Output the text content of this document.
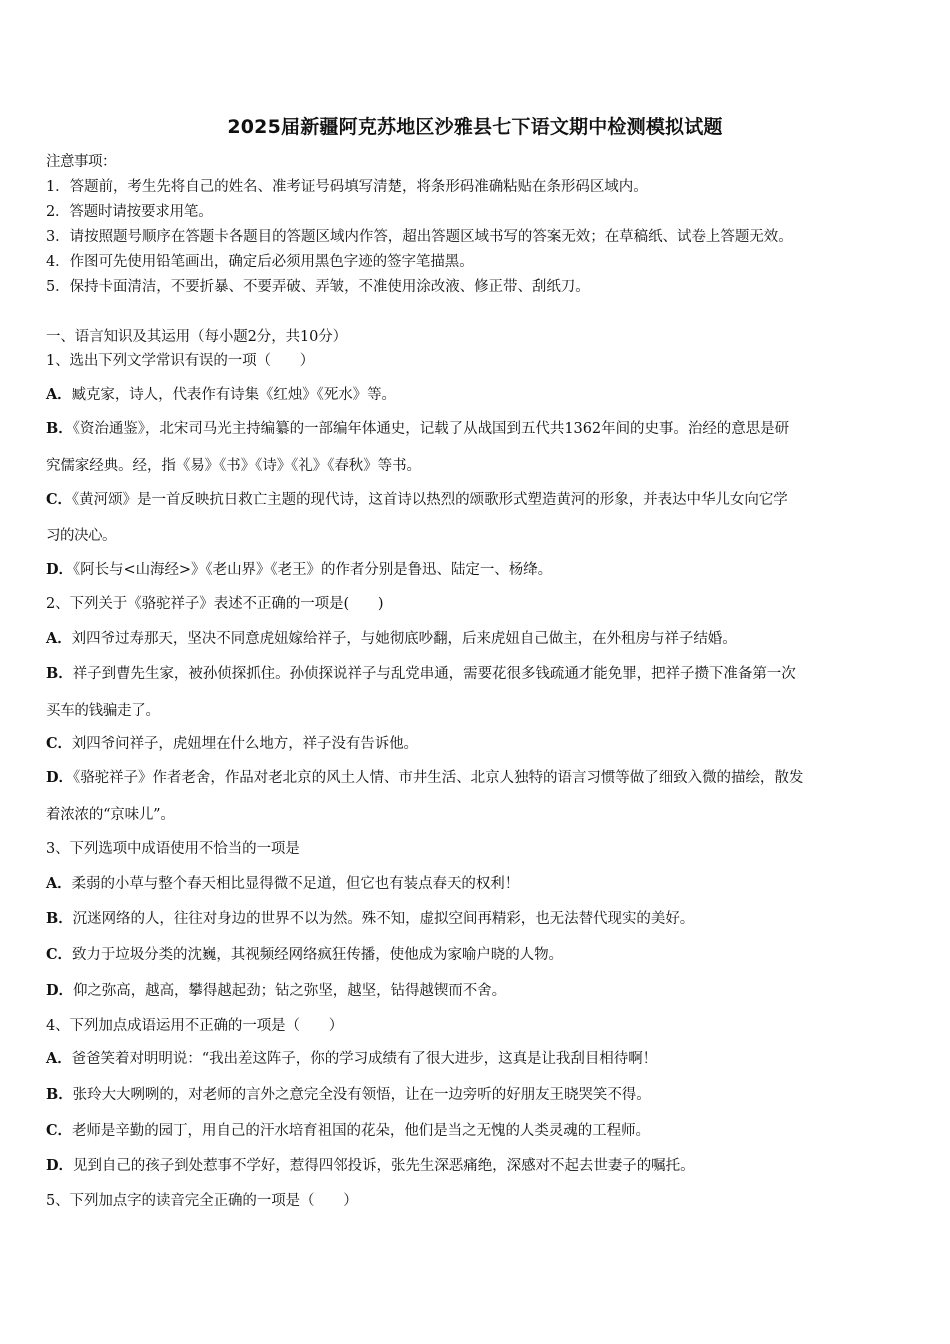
2025届新疆阿克苏地区沙雅县七下语文期中检测模拟试题
注意事项：
1．答题前，考生先将自己的姓名、准考证号码填写清楚，将条形码准确粘贴在条形码区域内。
2．答题时请按要求用笔。
3．请按照题号顺序在答题卡各题目的答题区域内作答，超出答题区域书写的答案无效；在草稿纸、试卷上答题无效。
4．作图可先使用铅笔画出，确定后必须用黑色字迹的签字笔描黑。
5．保持卡面清洁，不要折暴、不要弄破、弄皱，不准使用涂改液、修正带、刮纸刀。
一、语言知识及其运用（每小题2分，共10分）
1、选出下列文学常识有误的一项（　　）
A．臧克家，诗人，代表作有诗集《红烛》《死水》等。
B．《资治通鉴》，北宋司马光主持编纂的一部编年体通史，记载了从战国到五代共1362年间的史事。治经的意思是研
究儒家经典。经，指《易》《书》《诗》《礼》《春秋》等书。
C．《黄河颂》是一首反映抗日救亡主题的现代诗，这首诗以热烈的颂歌形式塑造黄河的形象，并表达中华儿女向它学
习的决心。
D．《阿长与<山海经>》《老山界》《老王》的作者分别是鲁迅、陆定一、杨绛。
2、下列关于《骆驼祥子》表述不正确的一项是(　　)
A．刘四爷过寿那天，坚决不同意虎妞嫁给祥子，与她彻底吵翻，后来虎妞自己做主，在外租房与祥子结婚。
B．祥子到曹先生家，被孙侦探抓住。孙侦探说祥子与乱党串通，需要花很多钱疏通才能免罪，把祥子攒下准备第一次
买车的钱骗走了。
C．刘四爷问祥子，虎妞埋在什么地方，祥子没有告诉他。
D．《骆驼祥子》作者老舍，作品对老北京的风土人情、市井生活、北京人独特的语言习惯等做了细致入微的描绘，散发
着浓浓的“京味儿”。
3、下列选项中成语使用不恰当的一项是
A．柔弱的小草与整个春天相比显得微不足道，但它也有装点春天的权利！
B．沉迷网络的人，往往对身边的世界不以为然。殊不知，虚拟空间再精彩，也无法替代现实的美好。
C．致力于垃圾分类的沈巍，其视频经网络疯狂传播，使他成为家喻户晓的人物。
D．仰之弥高，越高，攀得越起劲；钻之弥坚，越坚，钻得越锲而不舍。
4、下列加点成语运用不正确的一项是（　　）
A．爸爸笑着对明明说：“我出差这阵子，你的学习成绩有了很大进步，这真是让我刮目相待啊！
B．张玲大大咧咧的，对老师的言外之意完全没有领悟，让在一边旁听的好朋友王晓哭笑不得。
C．老师是辛勤的园丁，用自己的汗水培育祖国的花朵，他们是当之无愧的人类灵魂的工程师。
D．见到自己的孩子到处惹事不学好，惹得四邻投诉，张先生深恶痛绝，深感对不起去世妻子的嘱托。
5、下列加点字的读音完全正确的一项是（　　）
